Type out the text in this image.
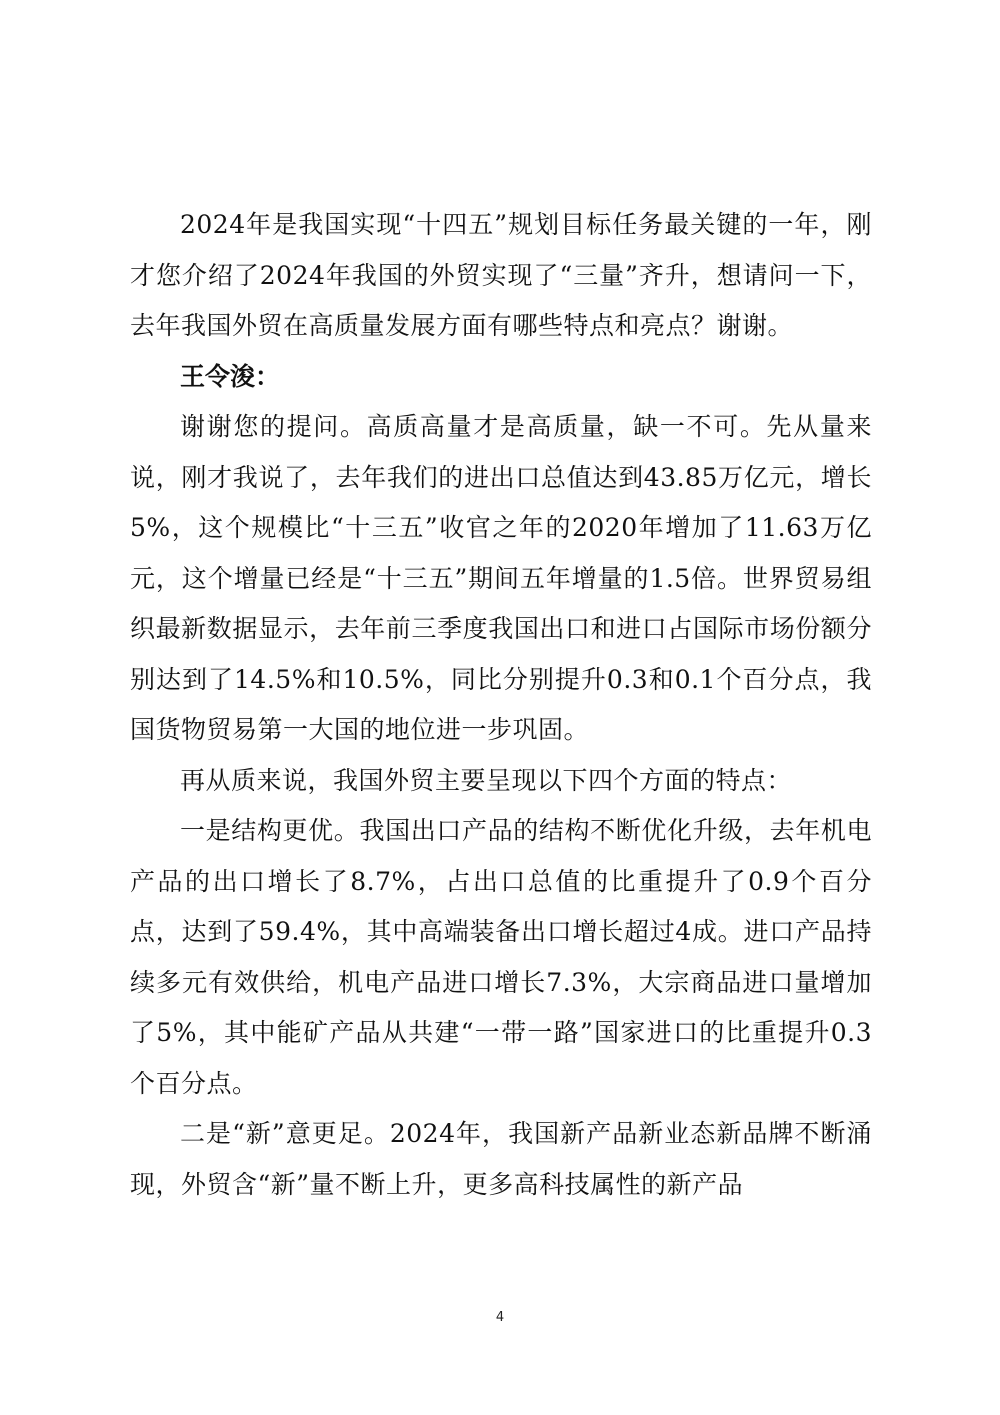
2024年是我国实现“十四五”规划目标任务最关键的一年，刚才您介绍了2024年我国的外贸实现了“三量”齐升，想请问一下，去年我国外贸在高质量发展方面有哪些特点和亮点？谢谢。

王令浚：

谢谢您的提问。高质高量才是高质量，缺一不可。先从量来说，刚才我说了，去年我们的进出口总值达到43.85万亿元，增长5%，这个规模比“十三五”收官之年的2020年增加了11.63万亿元，这个增量已经是“十三五”期间五年增量的1.5倍。世界贸易组织最新数据显示，去年前三季度我国出口和进口占国际市场份额分别达到了14.5%和10.5%，同比分别提升0.3和0.1个百分点，我国货物贸易第一大国的地位进一步巩固。

再从质来说，我国外贸主要呈现以下四个方面的特点：

一是结构更优。我国出口产品的结构不断优化升级，去年机电产品的出口增长了8.7%，占出口总值的比重提升了0.9个百分点，达到了59.4%，其中高端装备出口增长超过4成。进口产品持续多元有效供给，机电产品进口增长7.3%，大宗商品进口量增加了5%，其中能矿产品从共建“一带一路”国家进口的比重提升0.3个百分点。

二是“新”意更足。2024年，我国新产品新业态新品牌不断涌现，外贸含“新”量不断上升，更多高科技属性的新产品

4
